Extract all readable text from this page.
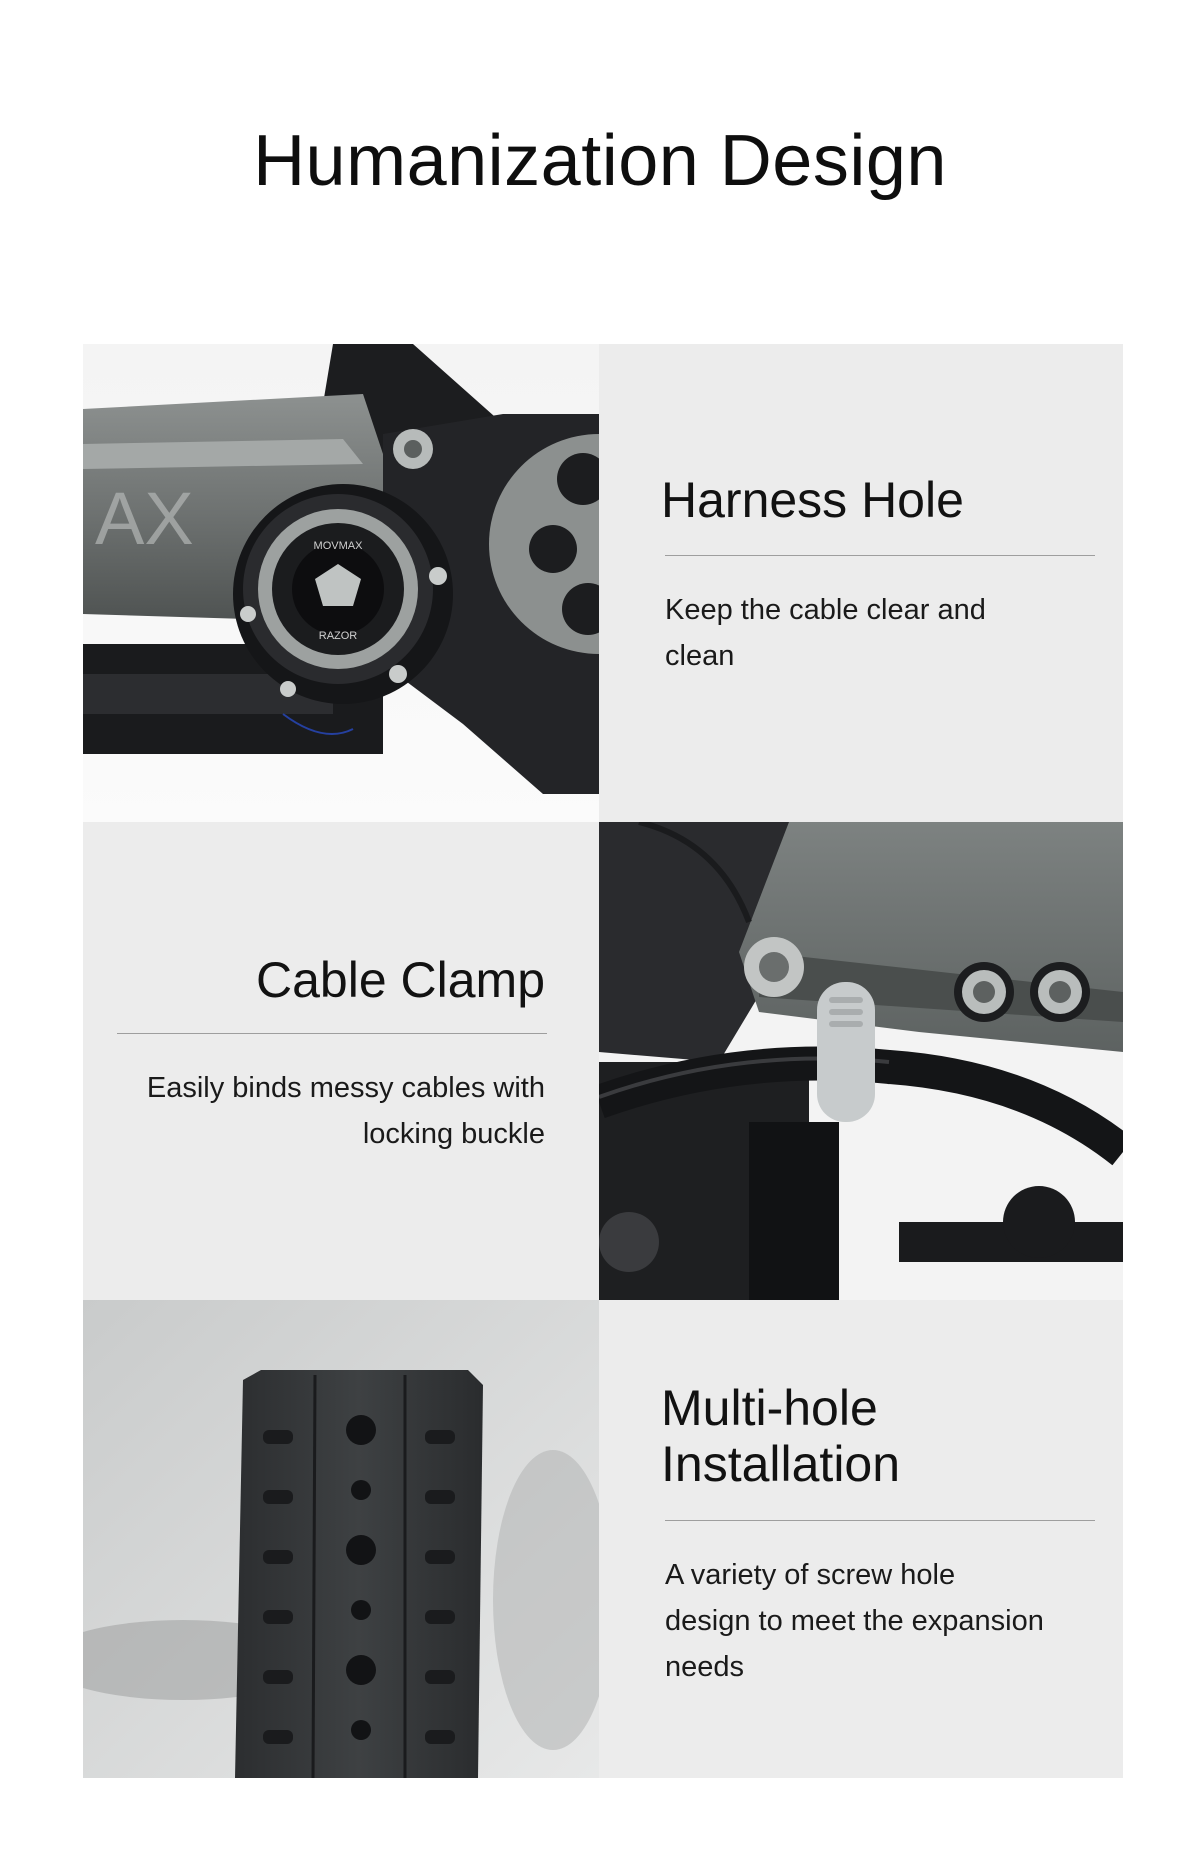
Humanization Design
MOVMAX
RAZOR
AX	Harness Hole
Keep the cable clear and clean
Cable Clamp
Easily binds messy cables with locking buckle
Multi-hole Installation
A variety of screw hole design to meet the expansion needs
